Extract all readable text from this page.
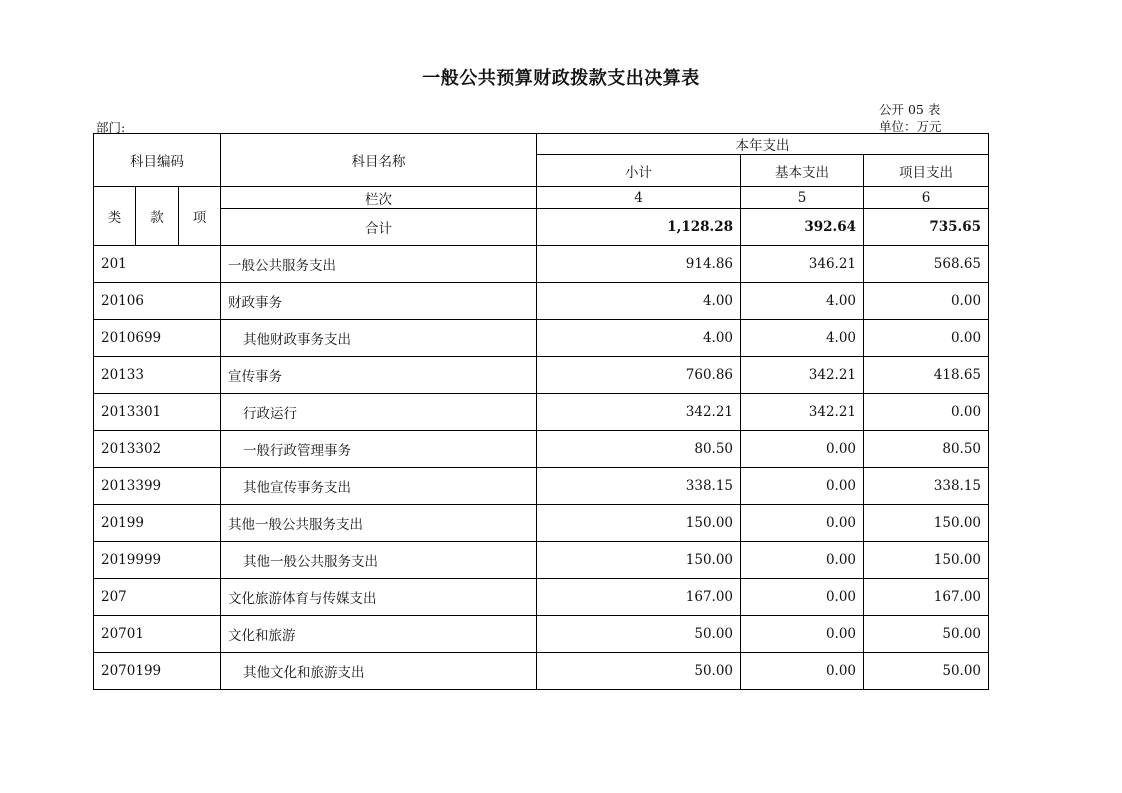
一般公共预算财政拨款支出决算表
公开 05 表
单位：万元
部门:
科目编码			科目名称	本年支出		
				小计	基本支出	项目支出
类	款	项	栏次	4	5	6
			合计	1,128.28	392.64	735.65
201			一般公共服务支出	914.86	346.21	568.65
20106			财政事务	4.00	4.00	0.00
2010699			其他财政事务支出	4.00	4.00	0.00
20133			宣传事务	760.86	342.21	418.65
2013301			行政运行	342.21	342.21	0.00
2013302			一般行政管理事务	80.50	0.00	80.50
2013399			其他宣传事务支出	338.15	0.00	338.15
20199			其他一般公共服务支出	150.00	0.00	150.00
2019999			其他一般公共服务支出	150.00	0.00	150.00
207			文化旅游体育与传媒支出	167.00	0.00	167.00
20701			文化和旅游	50.00	0.00	50.00
2070199			其他文化和旅游支出	50.00	0.00	50.00
